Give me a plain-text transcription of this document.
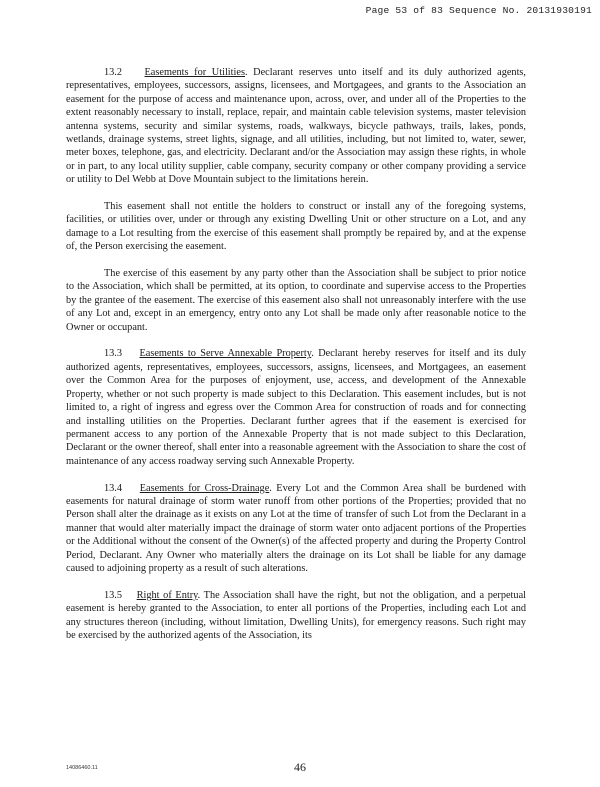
Page 53 of 83 Sequence No. 20131930191

13.2 Easements for Utilities. Declarant reserves unto itself and its duly authorized agents, representatives, employees, successors, assigns, licensees, and Mortgagees, and grants to the Association an easement for the purpose of access and maintenance upon, across, over, and under all of the Properties to the extent reasonably necessary to install, replace, repair, and maintain cable television systems, master television antenna systems, security and similar systems, roads, walkways, bicycle pathways, trails, lakes, ponds, wetlands, drainage systems, street lights, signage, and all utilities, including, but not limited to, water, sewer, meter boxes, telephone, gas, and electricity. Declarant and/or the Association may assign these rights, in whole or in part, to any local utility supplier, cable company, security company or other company providing a service or utility to Del Webb at Dove Mountain subject to the limitations herein.

This easement shall not entitle the holders to construct or install any of the foregoing systems, facilities, or utilities over, under or through any existing Dwelling Unit or other structure on a Lot, and any damage to a Lot resulting from the exercise of this easement shall promptly be repaired by, and at the expense of, the Person exercising the easement.

The exercise of this easement by any party other than the Association shall be subject to prior notice to the Association, which shall be permitted, at its option, to coordinate and supervise access to the Properties by the grantee of the easement. The exercise of this easement also shall not unreasonably interfere with the use of any Lot and, except in an emergency, entry onto any Lot shall be made only after reasonable notice to the Owner or occupant.

13.3 Easements to Serve Annexable Property. Declarant hereby reserves for itself and its duly authorized agents, representatives, employees, successors, assigns, licensees, and Mortgagees, an easement over the Common Area for the purposes of enjoyment, use, access, and development of the Annexable Property, whether or not such property is made subject to this Declaration. This easement includes, but is not limited to, a right of ingress and egress over the Common Area for construction of roads and for connecting and installing utilities on the Properties. Declarant further agrees that if the easement is exercised for permanent access to any portion of the Annexable Property that is not made subject to this Declaration, Declarant or the owner thereof, shall enter into a reasonable agreement with the Association to share the cost of maintenance of any access roadway serving such Annexable Property.

13.4 Easements for Cross-Drainage. Every Lot and the Common Area shall be burdened with easements for natural drainage of storm water runoff from other portions of the Properties; provided that no Person shall alter the drainage as it exists on any Lot at the time of transfer of such Lot from the Declarant in a manner that would alter materially impact the drainage of storm water onto adjacent portions of the Properties or the Additional without the consent of the Owner(s) of the affected property and during the Property Control Period, Declarant. Any Owner who materially alters the drainage on its Lot shall be liable for any damage caused to adjoining property as a result of such alterations.

13.5 Right of Entry. The Association shall have the right, but not the obligation, and a perpetual easement is hereby granted to the Association, to enter all portions of the Properties, including each Lot and any structures thereon (including, without limitation, Dwelling Units), for emergency reasons. Such right may be exercised by the authorized agents of the Association, its

14086460.11	46
